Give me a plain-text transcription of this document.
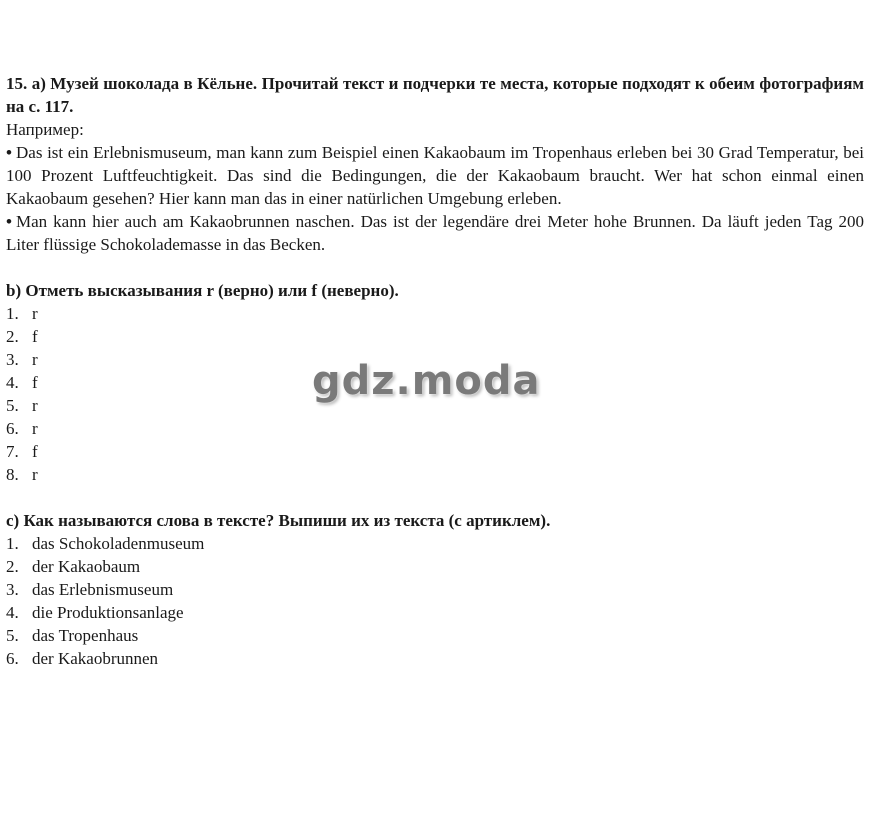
15. а) Музей шоколада в Кёльне. Прочитай текст и подчерки те места, которые подходят к обеим фотографиям на с. 117.
Например:
• Das ist ein Erlebnismuseum, man kann zum Beispiel einen Kakaobaum im Tropenhaus erleben bei 30 Grad Temperatur, bei 100 Prozent Luftfeuchtigkeit. Das sind die Bedingungen, die der Kakaobaum braucht. Wer hat schon einmal einen Kakaobaum gesehen? Hier kann man das in einer natürlichen Umgebung erleben.
• Man kann hier auch am Kakaobrunnen naschen. Das ist der legendäre drei Meter hohe Brunnen. Da läuft jeden Tag 200 Liter flüssige Schokolademasse in das Becken.
b) Отметь высказывания r (верно) или f (неверно).
1. r
2. f
3. r
4. f
5. r
6. r
7. f
8. r
c) Как называются слова в тексте? Выпиши их из текста (с артиклем).
1. das Schokoladenmuseum
2. der Kakaobaum
3. das Erlebnismuseum
4. die Produktionsanlage
5. das Tropenhaus
6. der Kakaobrunnen
gdz.moda
